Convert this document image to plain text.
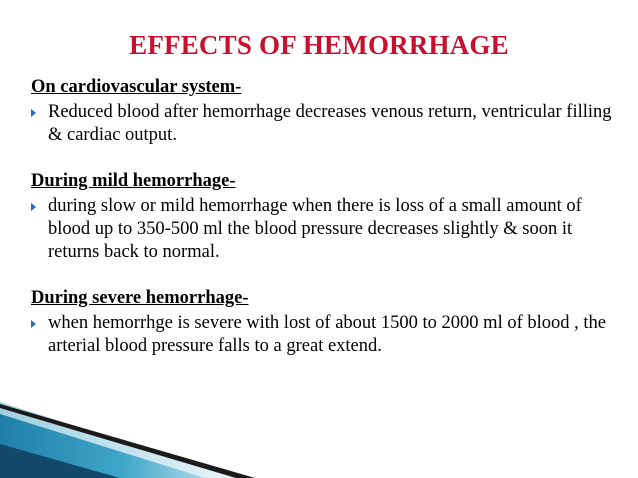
EFFECTS OF HEMORRHAGE
On cardiovascular system-
Reduced blood after hemorrhage decreases venous return, ventricular filling & cardiac output.
During mild hemorrhage-
during slow or mild hemorrhage when there is loss of a small amount of blood up to 350-500 ml the blood pressure decreases slightly & soon it returns back to normal.
During severe hemorrhage-
when hemorrhge is severe with lost of about 1500 to 2000 ml of blood , the arterial blood pressure falls to a great extend.
